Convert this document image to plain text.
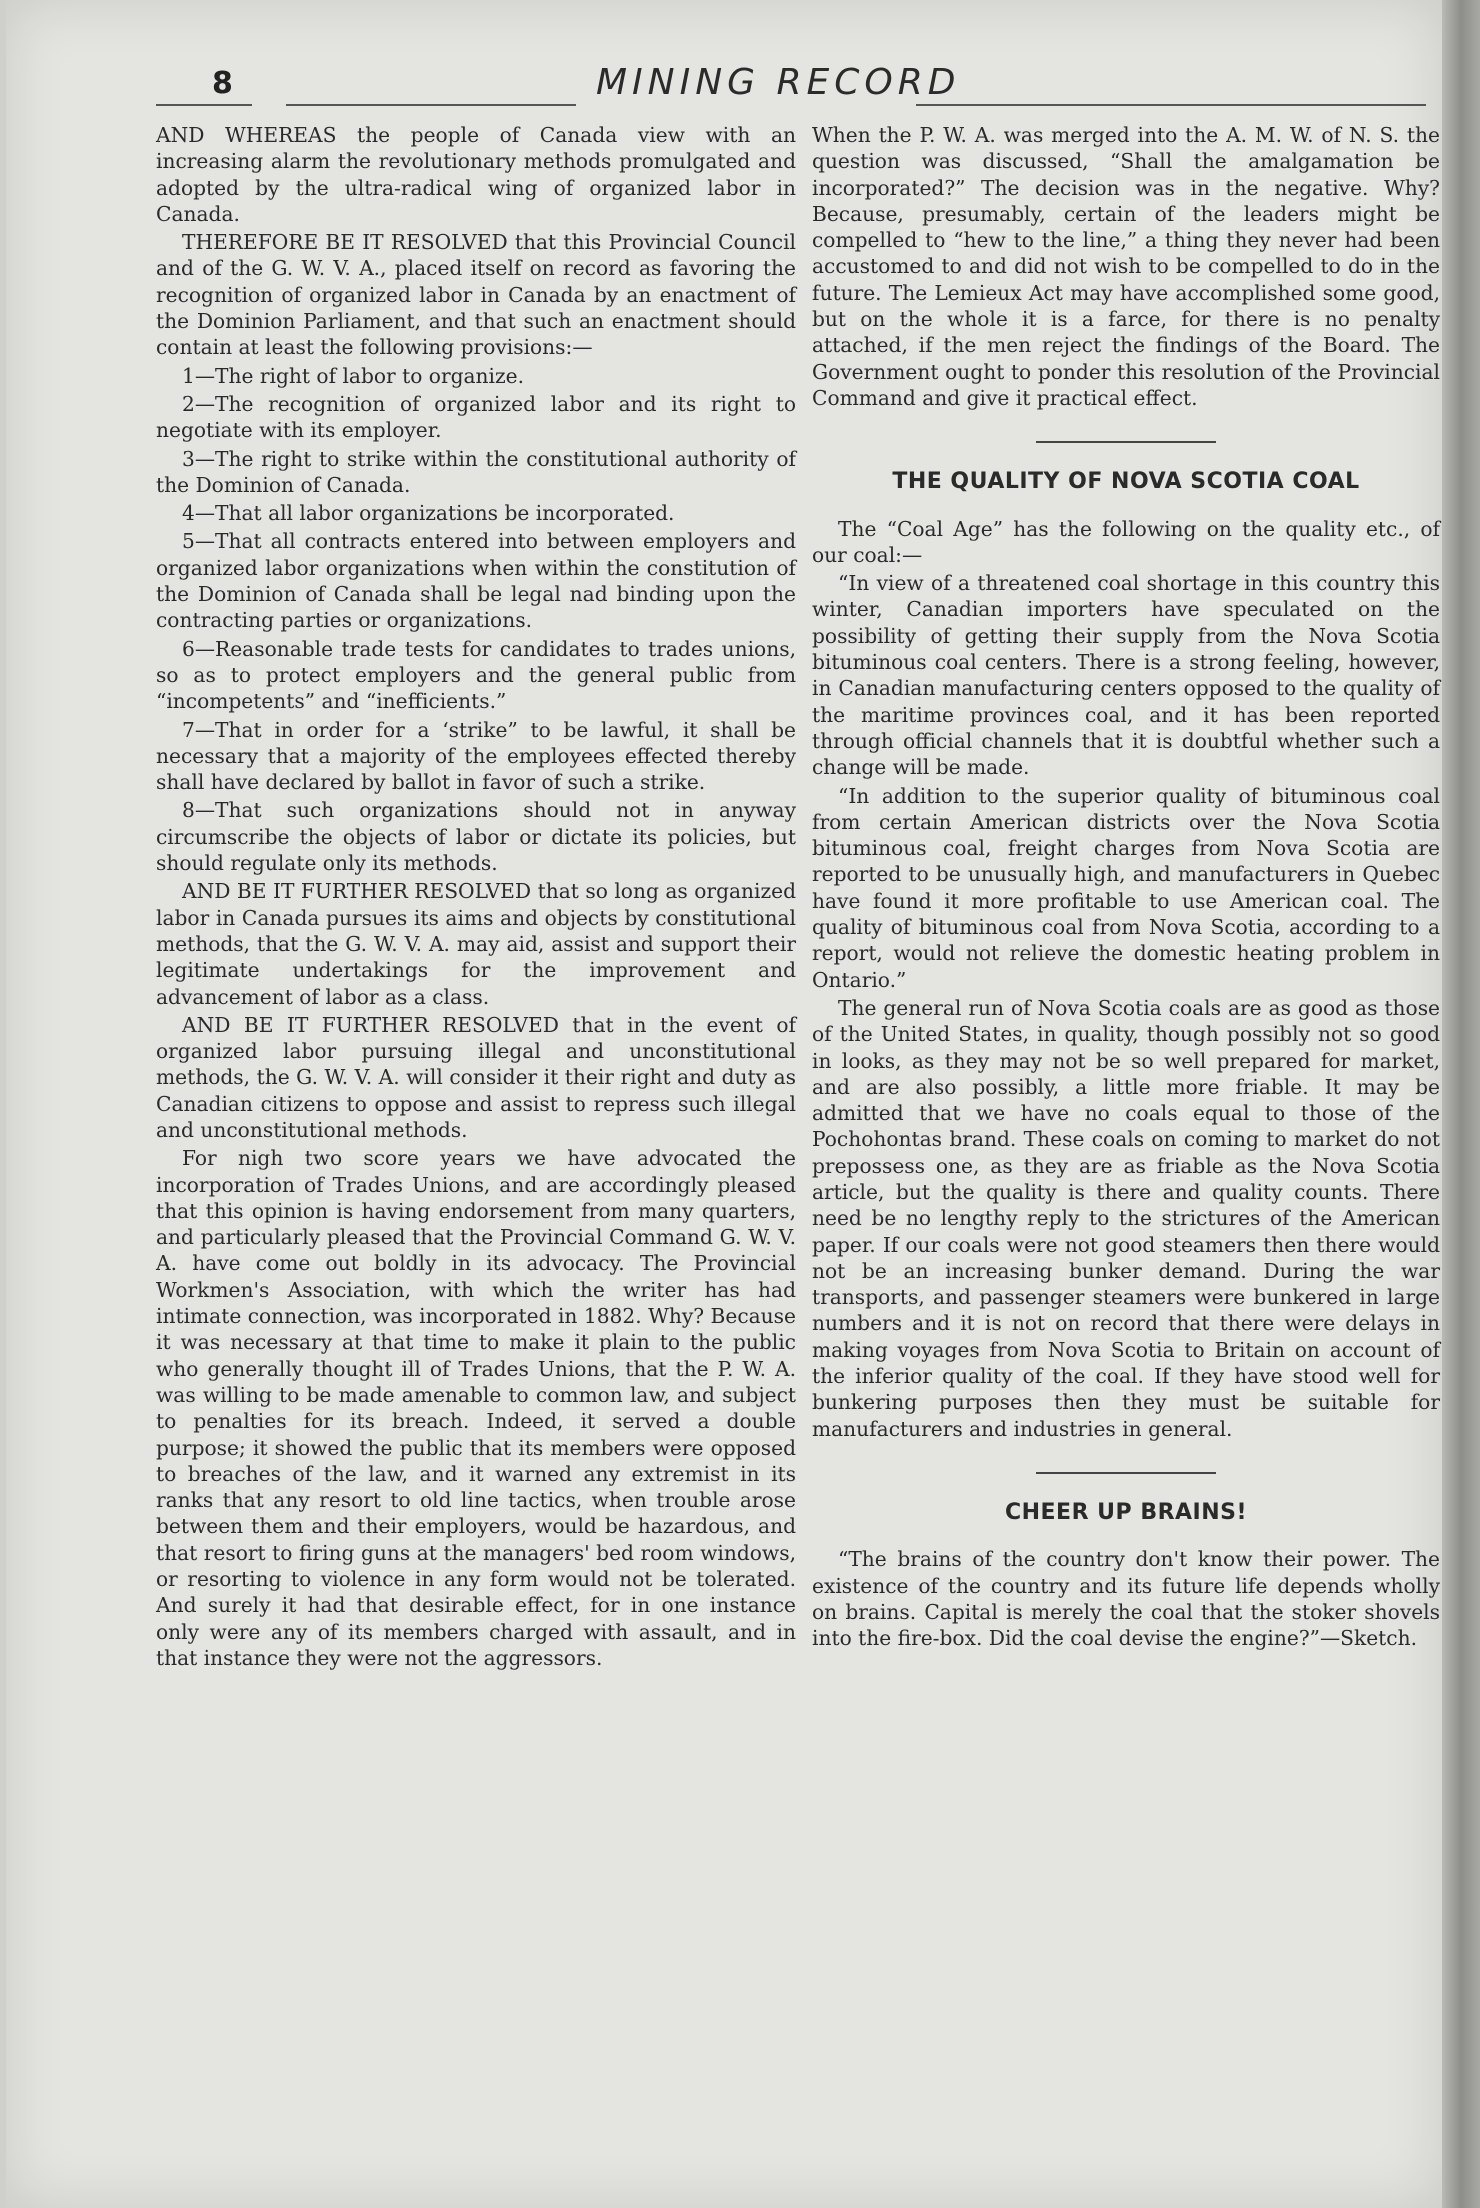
8	MINING RECORD

AND WHEREAS the people of Canada view with an increasing alarm the revolutionary methods promulgated and adopted by the ultra-radical wing of organized labor in Canada.

THEREFORE BE IT RESOLVED that this Provincial Council and of the G. W. V. A., placed itself on record as favoring the recognition of organized labor in Canada by an enactment of the Dominion Parliament, and that such an enactment should contain at least the following provisions:—

1—The right of labor to organize.

2—The recognition of organized labor and its right to negotiate with its employer.

3—The right to strike within the constitutional authority of the Dominion of Canada.

4—That all labor organizations be incorporated.

5—That all contracts entered into between employers and organized labor organizations when within the constitution of the Dominion of Canada shall be legal nad binding upon the contracting parties or organizations.

6—Reasonable trade tests for candidates to trades unions, so as to protect employers and the general public from “incompetents” and “inefficients.”

7—That in order for a ‘strike” to be lawful, it shall be necessary that a majority of the employees effected thereby shall have declared by ballot in favor of such a strike.

8—That such organizations should not in anyway circumscribe the objects of labor or dictate its policies, but should regulate only its methods.

AND BE IT FURTHER RESOLVED that so long as organized labor in Canada pursues its aims and objects by constitutional methods, that the G. W. V. A. may aid, assist and support their legitimate undertakings for the improvement and advancement of labor as a class.

AND BE IT FURTHER RESOLVED that in the event of organized labor pursuing illegal and unconstitutional methods, the G. W. V. A. will consider it their right and duty as Canadian citizens to oppose and assist to repress such illegal and unconstitutional methods.

For nigh two score years we have advocated the incorporation of Trades Unions, and are accordingly pleased that this opinion is having endorsement from many quarters, and particularly pleased that the Provincial Command G. W. V. A. have come out boldly in its advocacy. The Provincial Workmen's Association, with which the writer has had intimate connection, was incorporated in 1882. Why? Because it was necessary at that time to make it plain to the public who generally thought ill of Trades Unions, that the P. W. A. was willing to be made amenable to common law, and subject to penalties for its breach. Indeed, it served a double purpose; it showed the public that its members were opposed to breaches of the law, and it warned any extremist in its ranks that any resort to old line tactics, when trouble arose between them and their employers, would be hazardous, and that resort to firing guns at the managers' bed room windows, or resorting to violence in any form would not be tolerated. And surely it had that desirable effect, for in one instance only were any of its members charged with assault, and in that instance they were not the aggressors.

When the P. W. A. was merged into the A. M. W. of N. S. the question was discussed, “Shall the amalgamation be incorporated?” The decision was in the negative. Why? Because, presumably, certain of the leaders might be compelled to “hew to the line,” a thing they never had been accustomed to and did not wish to be compelled to do in the future. The Lemieux Act may have accomplished some good, but on the whole it is a farce, for there is no penalty attached, if the men reject the findings of the Board. The Government ought to ponder this resolution of the Provincial Command and give it practical effect.

THE QUALITY OF NOVA SCOTIA COAL

The “Coal Age” has the following on the quality etc., of our coal:—

“In view of a threatened coal shortage in this country this winter, Canadian importers have speculated on the possibility of getting their supply from the Nova Scotia bituminous coal centers. There is a strong feeling, however, in Canadian manufacturing centers opposed to the quality of the maritime provinces coal, and it has been reported through official channels that it is doubtful whether such a change will be made.

“In addition to the superior quality of bituminous coal from certain American districts over the Nova Scotia bituminous coal, freight charges from Nova Scotia are reported to be unusually high, and manufacturers in Quebec have found it more profitable to use American coal. The quality of bituminous coal from Nova Scotia, according to a report, would not relieve the domestic heating problem in Ontario.”

The general run of Nova Scotia coals are as good as those of the United States, in quality, though possibly not so good in looks, as they may not be so well prepared for market, and are also possibly, a little more friable. It may be admitted that we have no coals equal to those of the Pochohontas brand. These coals on coming to market do not prepossess one, as they are as friable as the Nova Scotia article, but the quality is there and quality counts. There need be no lengthy reply to the strictures of the American paper. If our coals were not good steamers then there would not be an increasing bunker demand. During the war transports, and passenger steamers were bunkered in large numbers and it is not on record that there were delays in making voyages from Nova Scotia to Britain on account of the inferior quality of the coal. If they have stood well for bunkering purposes then they must be suitable for manufacturers and industries in general.

CHEER UP BRAINS!

“The brains of the country don't know their power. The existence of the country and its future life depends wholly on brains. Capital is merely the coal that the stoker shovels into the fire-box. Did the coal devise the engine?”—Sketch.
